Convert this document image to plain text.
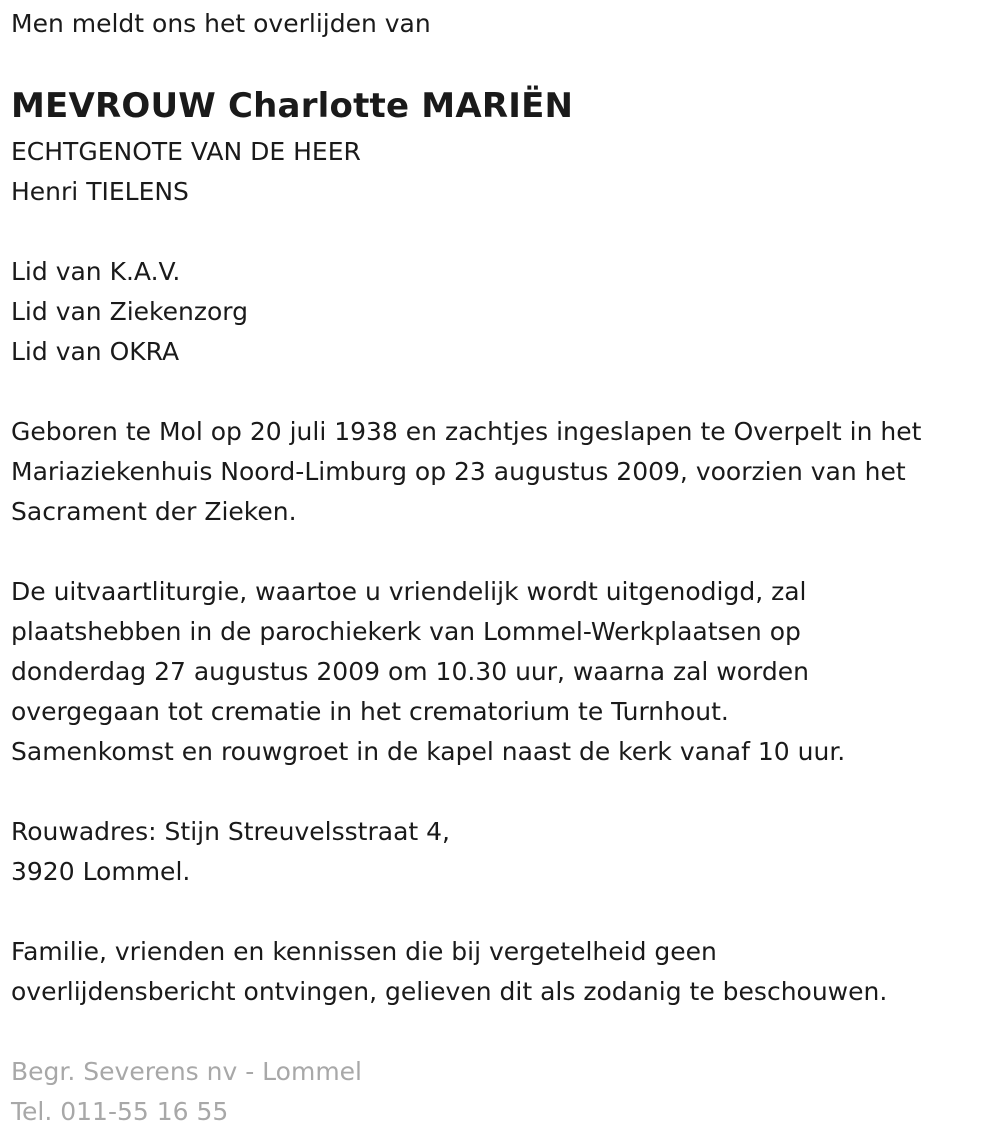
Men meldt ons het overlijden van
MEVROUW Charlotte MARIËN
ECHTGENOTE VAN DE HEER
Henri TIELENS
Lid van K.A.V.
Lid van Ziekenzorg
Lid van OKRA
Geboren te Mol op 20 juli 1938 en zachtjes ingeslapen te Overpelt in het
Mariaziekenhuis Noord-Limburg op 23 augustus 2009, voorzien van het
Sacrament der Zieken.
De uitvaartliturgie, waartoe u vriendelijk wordt uitgenodigd, zal
plaatshebben in de parochiekerk van Lommel-Werkplaatsen op
donderdag 27 augustus 2009 om 10.30 uur, waarna zal worden
overgegaan tot crematie in het crematorium te Turnhout.
Samenkomst en rouwgroet in de kapel naast de kerk vanaf 10 uur.
Rouwadres: Stijn Streuvelsstraat 4,
3920 Lommel.
Familie, vrienden en kennissen die bij vergetelheid geen
overlijdensbericht ontvingen, gelieven dit als zodanig te beschouwen.
Begr. Severens nv - Lommel
Tel. 011-55 16 55
